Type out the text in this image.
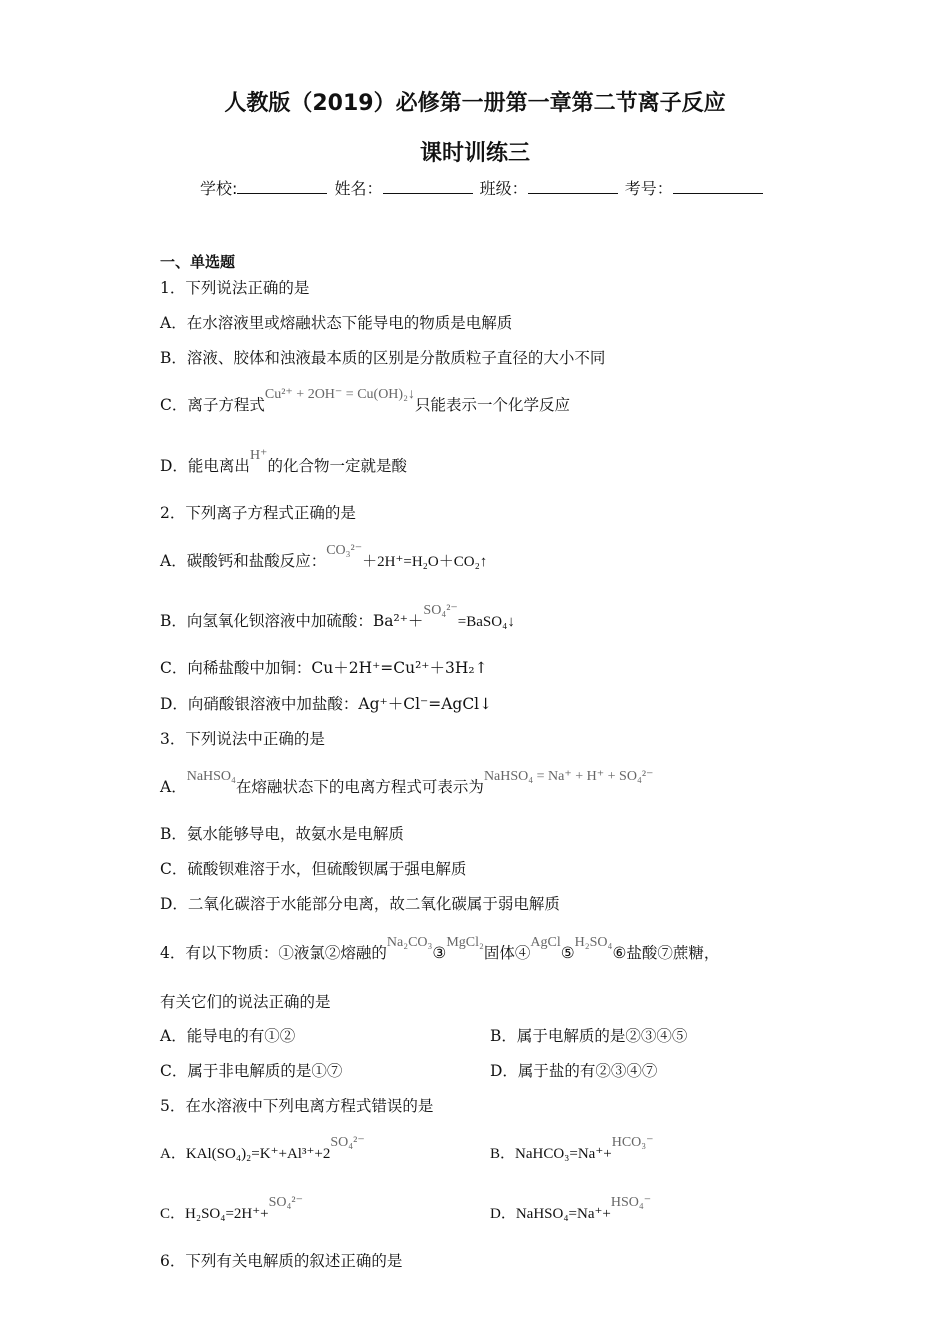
人教版（2019）必修第一册第一章第二节离子反应
课时训练三
学校:	姓名：	班级：	考号：
一、单选题
1．下列说法正确的是
A．在水溶液里或熔融状态下能导电的物质是电解质
B．溶液、胶体和浊液最本质的区别是分散质粒子直径的大小不同
C．离子方程式Cu²⁺ + 2OH⁻ = Cu(OH)₂↓只能表示一个化学反应
D．能电离出H⁺的化合物一定就是酸
2．下列离子方程式正确的是
A．碳酸钙和盐酸反应：CO₃²⁻＋2H⁺=H₂O＋CO₂↑
B．向氢氧化钡溶液中加硫酸：Ba²⁺＋SO₄²⁻=BaSO₄↓
C．向稀盐酸中加铜：Cu＋2H⁺=Cu²⁺＋3H₂↑
D．向硝酸银溶液中加盐酸：Ag⁺＋Cl⁻=AgCl↓
3．下列说法中正确的是
A．NaHSO₄在熔融状态下的电离方程式可表示为NaHSO₄ = Na⁺ + H⁺ + SO₄²⁻
B．氨水能够导电，故氨水是电解质
C．硫酸钡难溶于水，但硫酸钡属于强电解质
D．二氧化碳溶于水能部分电离，故二氧化碳属于弱电解质
4．有以下物质：①液氯②熔融的Na₂CO₃③MgCl₂固体④AgCl⑤H₂SO₄⑥盐酸⑦蔗糖，
有关它们的说法正确的是
A．能导电的有①②	B．属于电解质的是②③④⑤
C．属于非电解质的是①⑦	D．属于盐的有②③④⑦
5．在水溶液中下列电离方程式错误的是
A．KAl(SO₄)₂=K⁺+Al³⁺+2SO₄²⁻
B．NaHCO₃=Na⁺+HCO₃⁻
C．H₂SO₄=2H⁺+SO₄²⁻
D．NaHSO₄=Na⁺+HSO₄⁻
6．下列有关电解质的叙述正确的是
